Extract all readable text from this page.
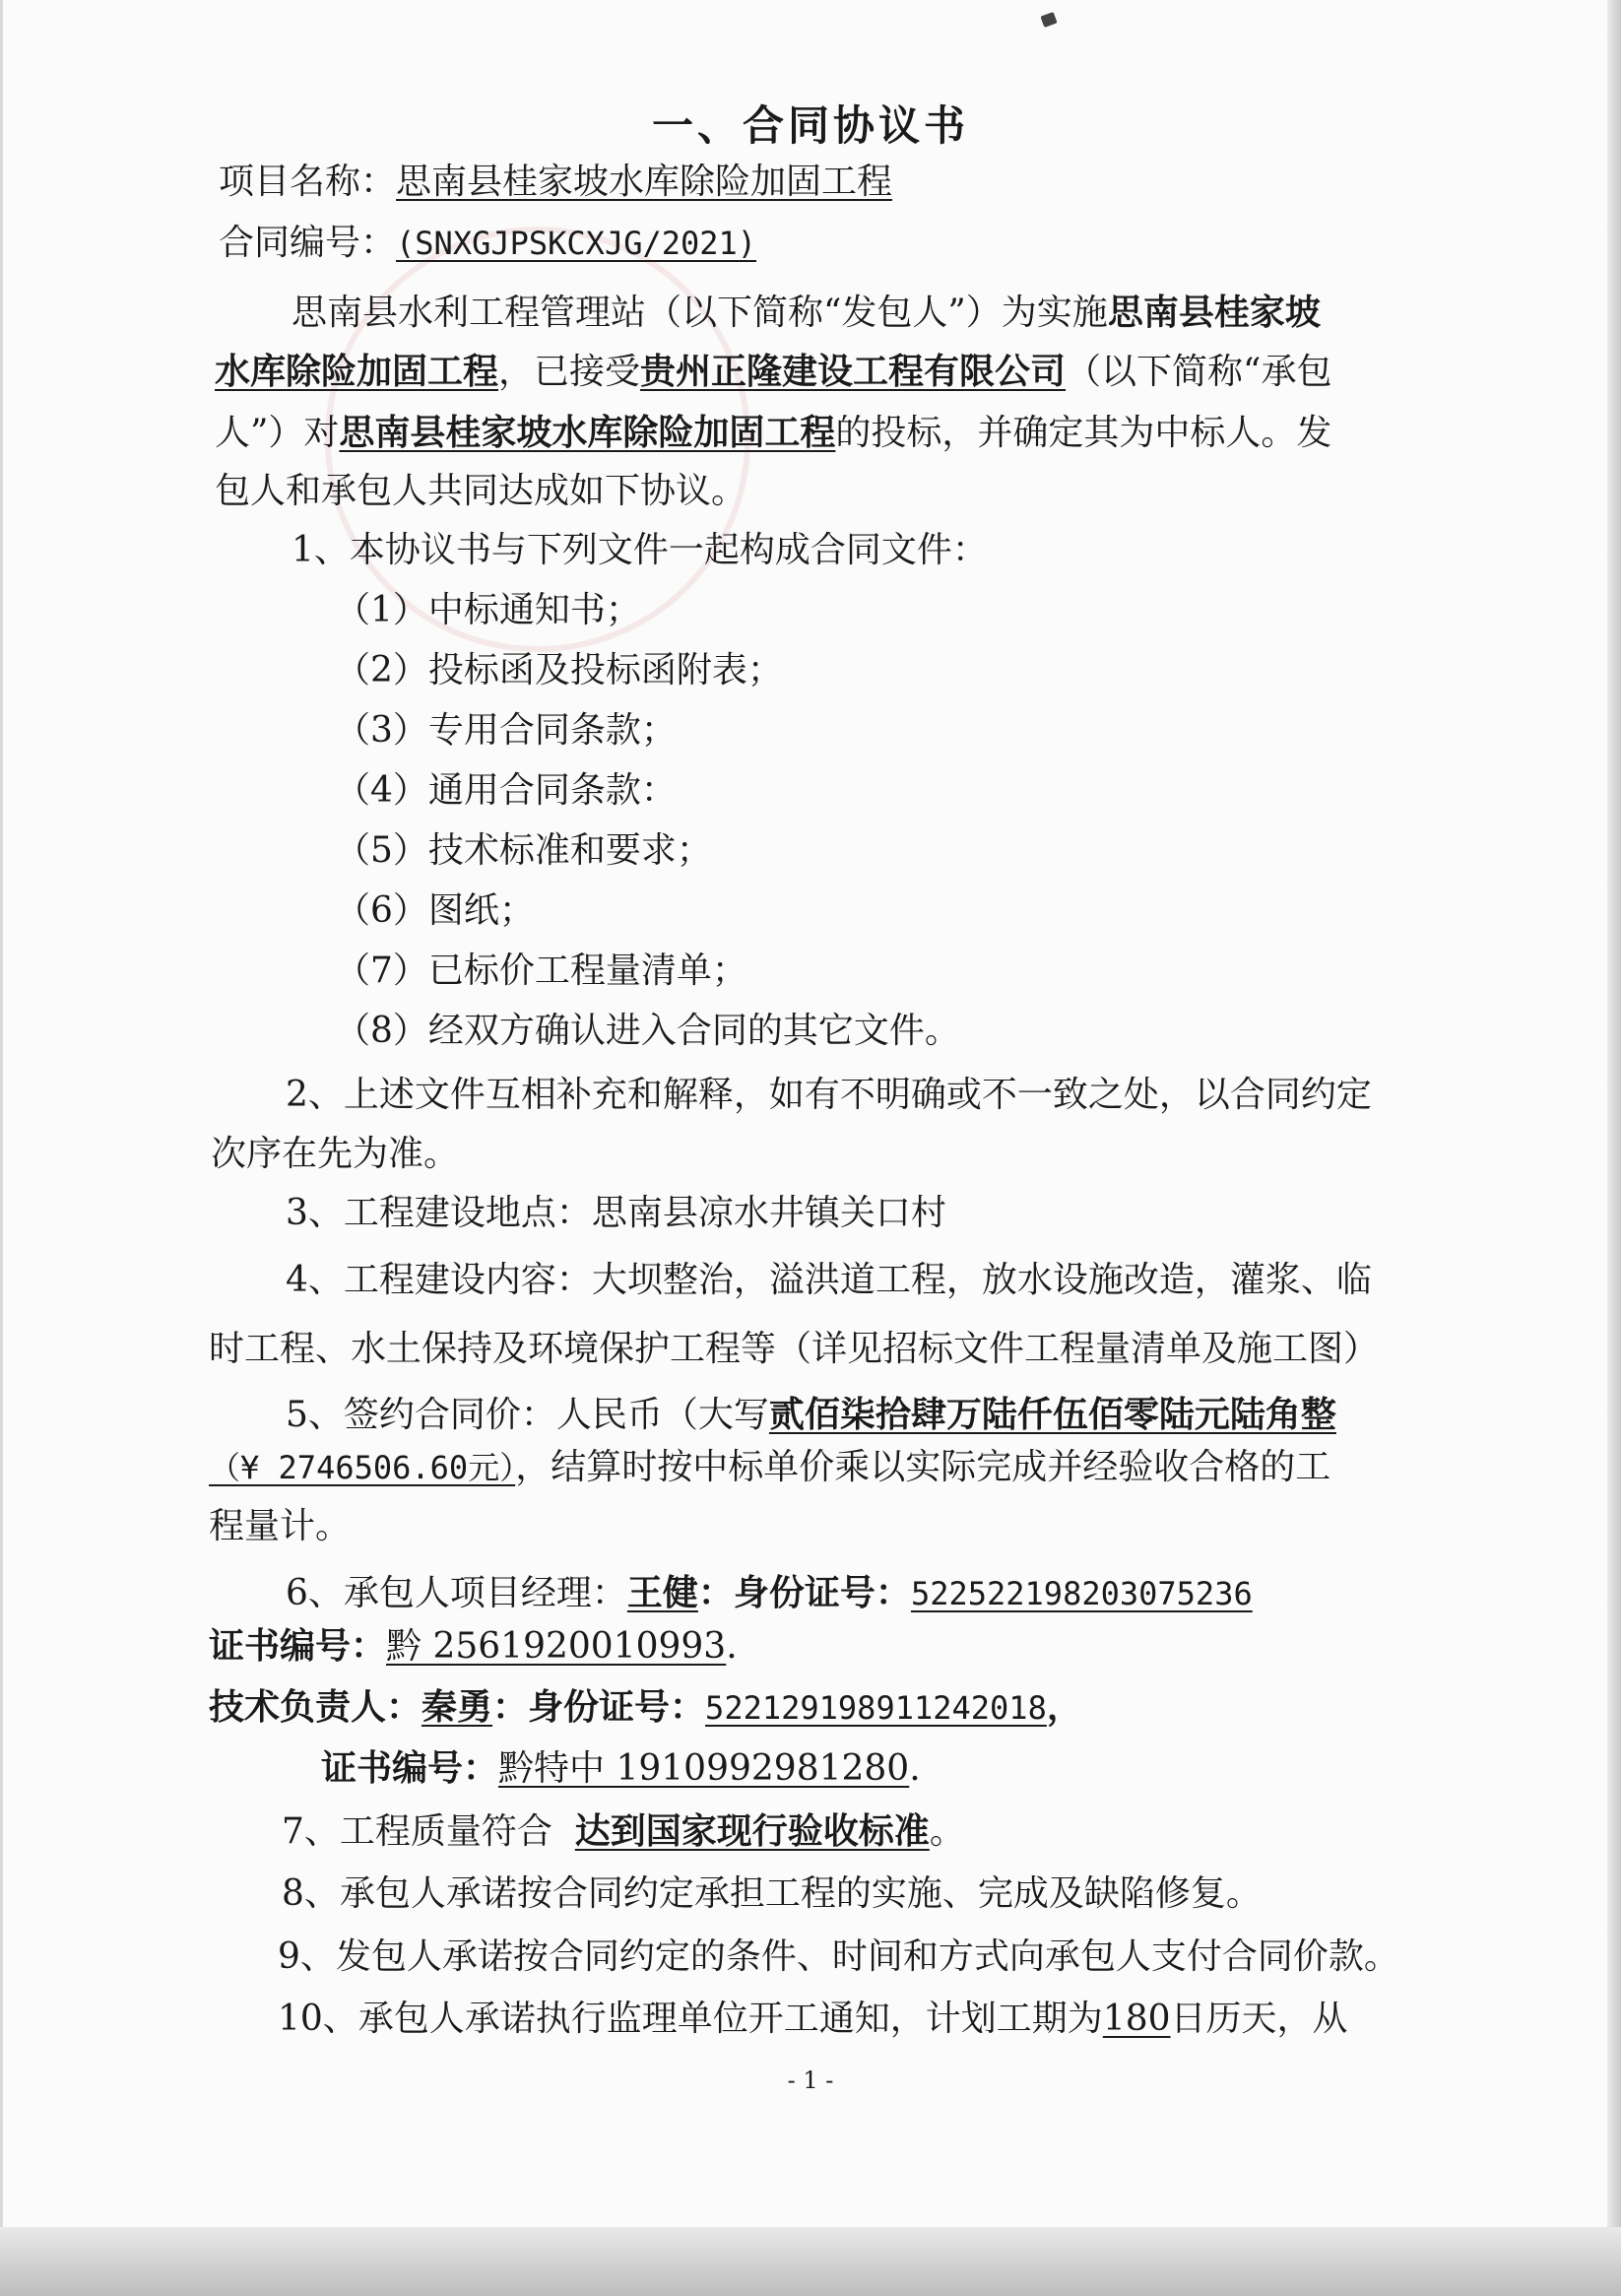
一、合同协议书
项目名称：思南县桂家坡水库除险加固工程
合同编号：(SNXGJPSKCXJG/2021)
思南县水利工程管理站（以下简称“发包人”）为实施思南县桂家坡
水库除险加固工程，已接受贵州正隆建设工程有限公司（以下简称“承包
人”）对思南县桂家坡水库除险加固工程的投标，并确定其为中标人。发
包人和承包人共同达成如下协议。
1、本协议书与下列文件一起构成合同文件：
（1）中标通知书；
（2）投标函及投标函附表；
（3）专用合同条款；
（4）通用合同条款：
（5）技术标准和要求；
（6）图纸；
（7）已标价工程量清单；
（8）经双方确认进入合同的其它文件。
2、上述文件互相补充和解释，如有不明确或不一致之处，以合同约定
次序在先为准。
3、工程建设地点：思南县凉水井镇关口村
4、工程建设内容：大坝整治，溢洪道工程，放水设施改造，灌浆、临
时工程、水土保持及环境保护工程等（详见招标文件工程量清单及施工图）
5、签约合同价：人民币（大写贰佰柒拾肆万陆仟伍佰零陆元陆角整
（¥ 2746506.60元），结算时按中标单价乘以实际完成并经验收合格的工
程量计。
6、承包人项目经理：王健：身份证号：522522198203075236
证书编号：黔 2561920010993.
技术负责人：秦勇：身份证号：522129198911242018，
证书编号：黔特中 1910992981280.
7、工程质量符合 达到国家现行验收标准。
8、承包人承诺按合同约定承担工程的实施、完成及缺陷修复。
9、发包人承诺按合同约定的条件、时间和方式向承包人支付合同价款。
10、承包人承诺执行监理单位开工通知，计划工期为180日历天，从
- 1 -
